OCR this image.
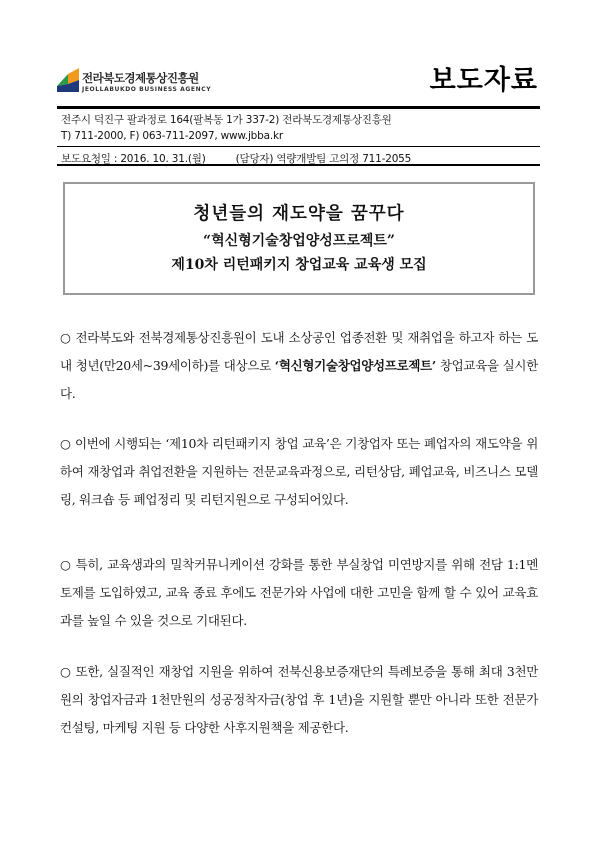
전라북도경제통상진흥원
JEOLLABUKDO BUSINESS AGENCY	보도자료
전주시 덕진구 팔과정로 164(팔복동 1가 337-2) 전라북도경제통상진흥원
T) 711-2000, F) 063-711-2097, www.jbba.kr
보도요청일 : 2016. 10. 31.(월)	(담당자) 역량개발팀 고의정 711-2055
청년들의 재도약을 꿈꾸다
“혁신형기술창업양성프로젝트”
제10차 리턴패키지 창업교육 교육생 모집

○ 전라북도와 전북경제통상진흥원이 도내 소상공인 업종전환 및 재취업을 하고자 하는 도내 청년(만20세~39세이하)를 대상으로 ‘혁신형기술창업양성프로젝트’ 창업교육을 실시한다.

○ 이번에 시행되는 ‘제10차 리턴패키지 창업 교육’은 기창업자 또는 폐업자의 재도약을 위하여 재창업과 취업전환을 지원하는 전문교육과정으로, 리턴상담, 폐업교육, 비즈니스 모델링, 워크숍 등 폐업정리 및 리턴지원으로 구성되어있다.

○ 특히, 교육생과의 밀착커뮤니케이션 강화를 통한 부실창업 미연방지를 위해 전담 1:1멘토제를 도입하였고, 교육 종료 후에도 전문가와 사업에 대한 고민을 함께 할 수 있어 교육효과를 높일 수 있을 것으로 기대된다.

○ 또한, 실질적인 재창업 지원을 위하여 전북신용보증재단의 특례보증을 통해 최대 3천만원의 창업자금과 1천만원의 성공정착자금(창업 후 1년)을 지원할 뿐만 아니라 또한 전문가 컨설팅, 마케팅 지원 등 다양한 사후지원책을 제공한다.
